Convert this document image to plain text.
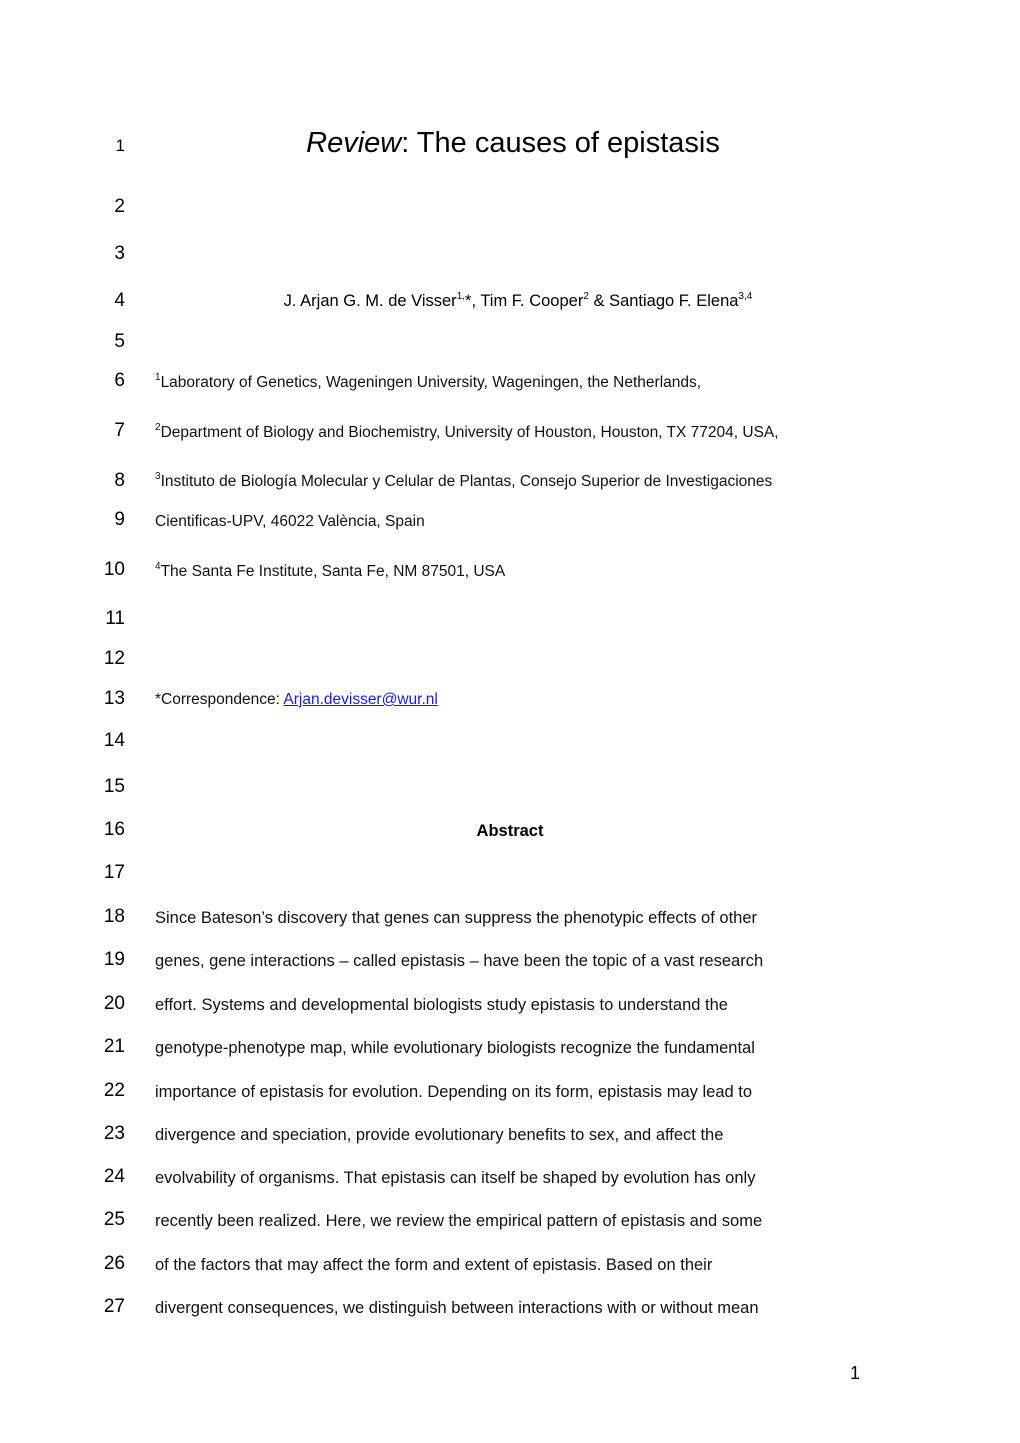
1
2
3
4
5
6
7
8
9
10
11
12
13
14
15
16
17
18
19
20
21
22
23
24
25
26
27
Review: The causes of epistasis
J. Arjan G. M. de Visser$^{1,}$*, Tim F. Cooper$^2$ & Santiago F. Elena$^{3,4}$
$^1$Laboratory of Genetics, Wageningen University, Wageningen, the Netherlands,
$^2$Department of Biology and Biochemistry, University of Houston, Houston, TX 77204, USA,
$^3$Instituto de Biología Molecular y Celular de Plantas, Consejo Superior de Investigaciones
Cientificas-UPV, 46022 València, Spain
$^4$The Santa Fe Institute, Santa Fe, NM 87501, USA
*Correspondence: Arjan.devisser@wur.nl
Abstract
Since Bateson’s discovery that genes can suppress the phenotypic effects of other
genes, gene interactions – called epistasis – have been the topic of a vast research
effort. Systems and developmental biologists study epistasis to understand the
genotype-phenotype map, while evolutionary biologists recognize the fundamental
importance of epistasis for evolution. Depending on its form, epistasis may lead to
divergence and speciation, provide evolutionary benefits to sex, and affect the
evolvability of organisms. That epistasis can itself be shaped by evolution has only
recently been realized. Here, we review the empirical pattern of epistasis and some
of the factors that may affect the form and extent of epistasis. Based on their
divergent consequences, we distinguish between interactions with or without mean
1
